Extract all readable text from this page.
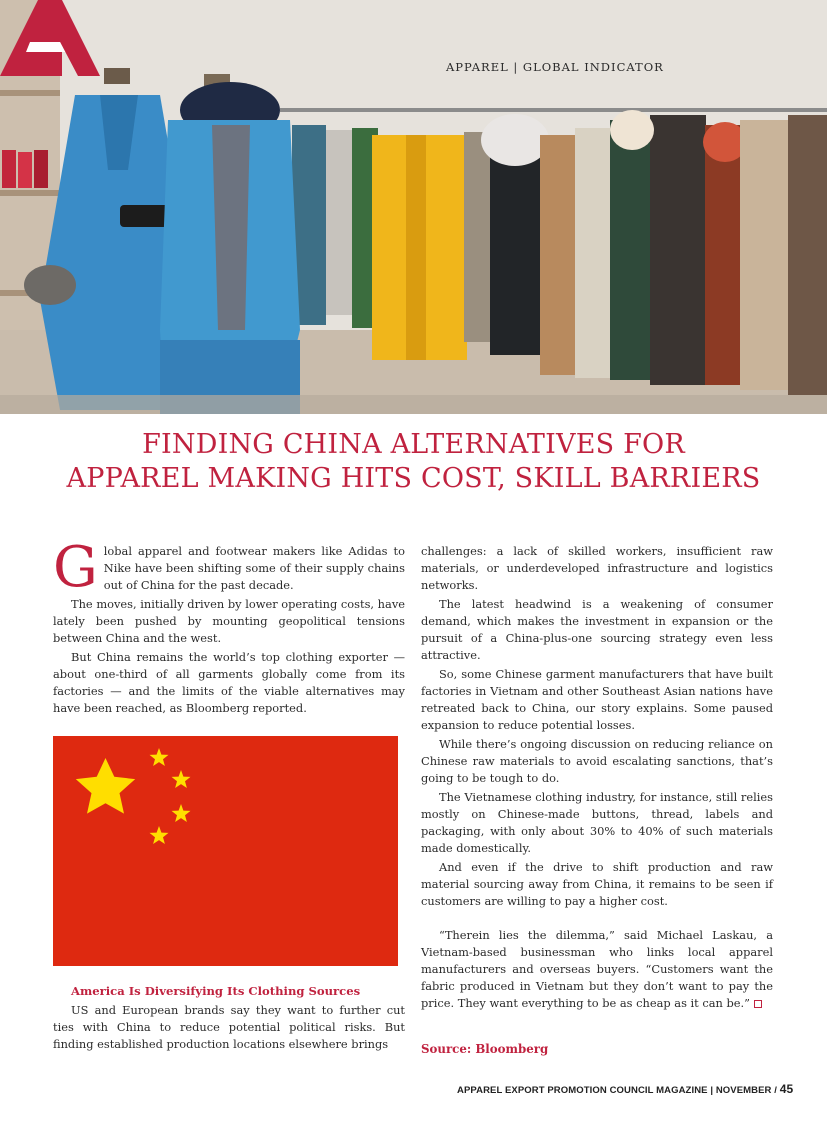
APPAREL | GLOBAL INDICATOR
FINDING CHINA ALTERNATIVES FOR
APPAREL MAKING HITS COST, SKILL BARRIERS

Global apparel and footwear makers like Adidas to Nike have been shifting some of their supply chains out of China for the past decade.

The moves, initially driven by lower operating costs, have lately been pushed by mounting geopolitical tensions between China and the west.

But China remains the world’s top clothing exporter — about one-third of all garments globally come from its factories — and the limits of the viable alternatives may have been reached, as Bloomberg reported.

America Is Diversifying Its Clothing Sources

US and European brands say they want to further cut ties with China to reduce potential political risks. But finding established production locations elsewhere brings

challenges: a lack of skilled workers, insufficient raw materials, or underdeveloped infrastructure and logistics networks.

The latest headwind is a weakening of consumer demand, which makes the investment in expansion or the pursuit of a China-plus-one sourcing strategy even less attractive.

So, some Chinese garment manufacturers that have built factories in Vietnam and other Southeast Asian nations have retreated back to China, our story explains. Some paused expansion to reduce potential losses.

While there’s ongoing discussion on reducing reliance on Chinese raw materials to avoid escalating sanctions, that’s going to be tough to do.

The Vietnamese clothing industry, for instance, still relies mostly on Chinese-made buttons, thread, labels and packaging, with only about 30% to 40% of such materials made domestically.

And even if the drive to shift production and raw material sourcing away from China, it remains to be seen if customers are willing to pay a higher cost.

“Therein lies the dilemma,” said Michael Laskau, a Vietnam-based businessman who links local apparel manufacturers and overseas buyers. “Customers want the fabric produced in Vietnam but they don’t want to pay the price. They want everything to be as cheap as it can be.”

Source: Bloomberg
APPAREL EXPORT PROMOTION COUNCIL MAGAZINE | NOVEMBER / 45
